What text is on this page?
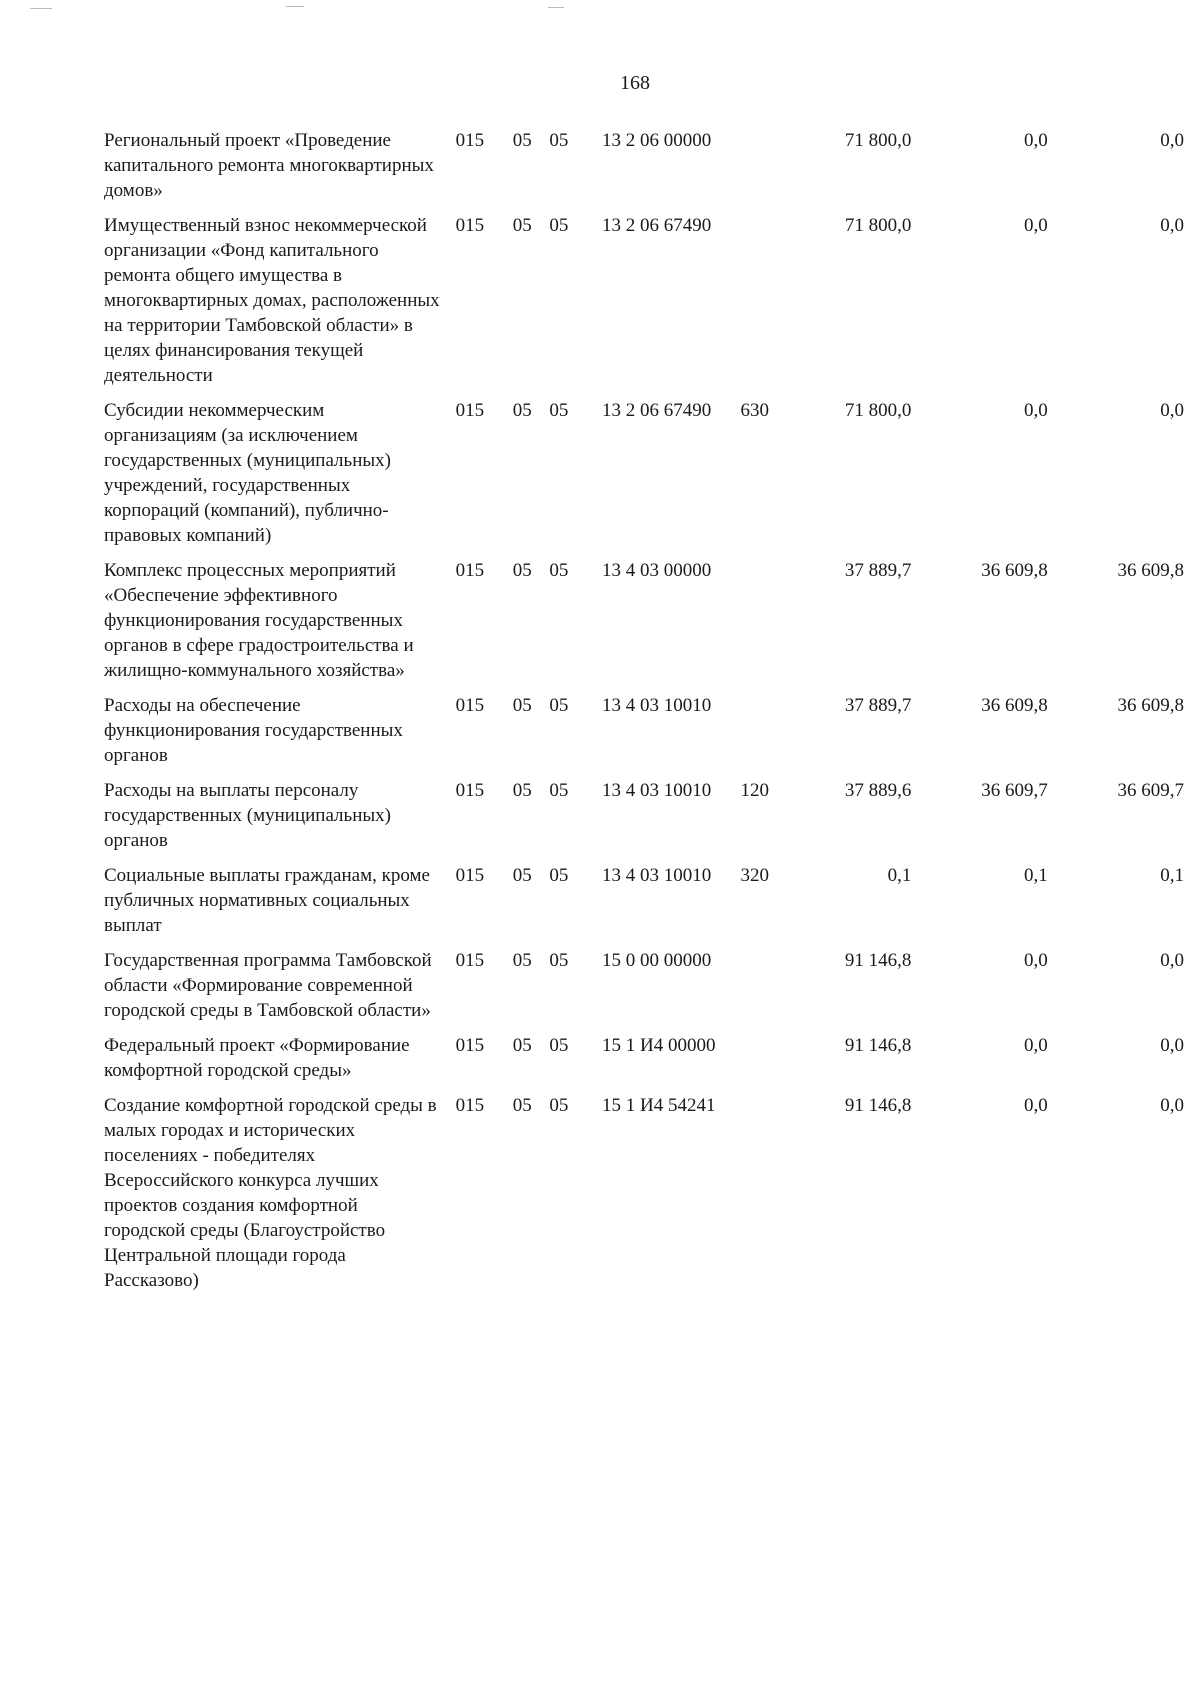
168
Региональный проект «Проведение капитального ремонта многоквартирных домов»	015	05	05	13 2 06 00000		71 800,0	0,0	0,0
Имущественный взнос некоммерческой организации «Фонд капитального ремонта общего имущества в многоквартирных домах, расположенных на территории Тамбовской области» в целях финансирования текущей деятельности	015	05	05	13 2 06 67490		71 800,0	0,0	0,0
Субсидии некоммерческим организациям (за исключением государственных (муниципальных) учреждений, государственных корпораций (компаний), публично-правовых компаний)	015	05	05	13 2 06 67490	630	71 800,0	0,0	0,0
Комплекс процессных мероприятий «Обеспечение эффективного функционирования государственных органов в сфере градостроительства и жилищно-коммунального хозяйства»	015	05	05	13 4 03 00000		37 889,7	36 609,8	36 609,8
Расходы на обеспечение функционирования государственных органов	015	05	05	13 4 03 10010		37 889,7	36 609,8	36 609,8
Расходы на выплаты персоналу государственных (муниципальных) органов	015	05	05	13 4 03 10010	120	37 889,6	36 609,7	36 609,7
Социальные выплаты гражданам, кроме публичных нормативных социальных выплат	015	05	05	13 4 03 10010	320	0,1	0,1	0,1
Государственная программа Тамбовской области «Формирование современной городской среды в Тамбовской области»	015	05	05	15 0 00 00000		91 146,8	0,0	0,0
Федеральный проект «Формирование комфортной городской среды»	015	05	05	15 1 И4 00000		91 146,8	0,0	0,0
Создание комфортной городской среды в малых городах и исторических поселениях - победителях Всероссийского конкурса лучших проектов создания комфортной городской среды (Благоустройство Центральной площади города Рассказово)	015	05	05	15 1 И4 54241		91 146,8	0,0	0,0
